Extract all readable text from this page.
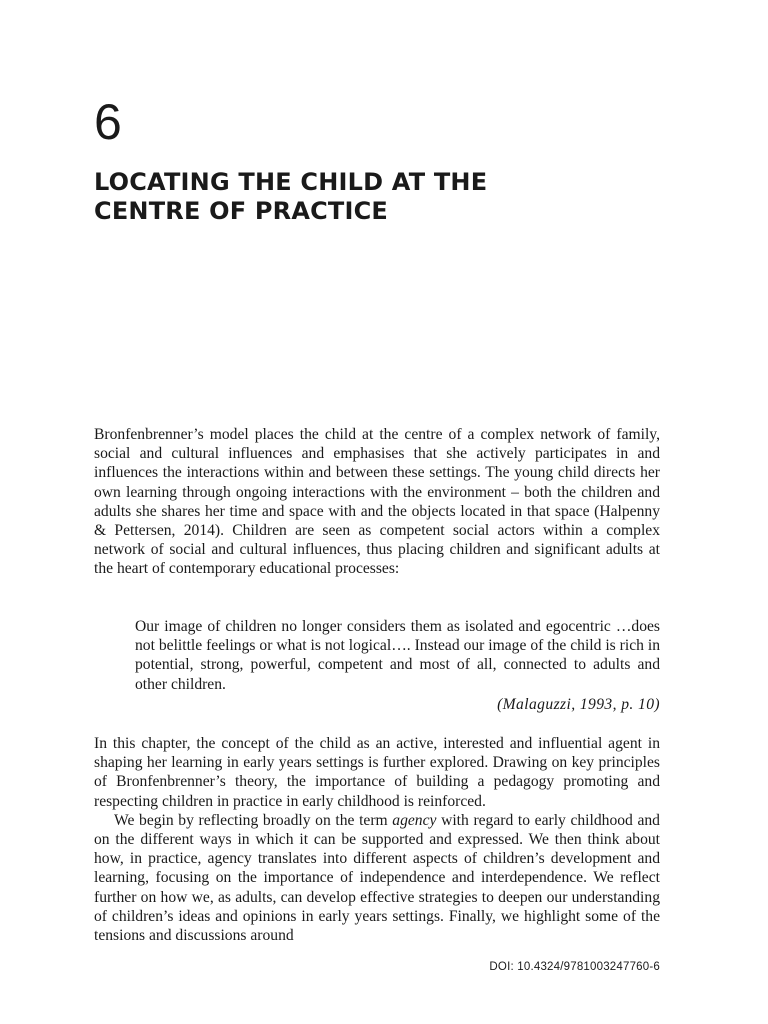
6
LOCATING THE CHILD AT THE
CENTRE OF PRACTICE

Bronfenbrenner’s model places the child at the centre of a complex network of family, social and cultural influences and emphasises that she actively participates in and influences the interactions within and between these settings. The young child directs her own learning through ongoing interactions with the environment – both the children and adults she shares her time and space with and the objects located in that space (Halpenny & Pettersen, 2014). Children are seen as competent social actors within a complex network of social and cultural influences, thus placing children and significant adults at the heart of contemporary educational processes:

Our image of children no longer considers them as isolated and egocentric …does not belittle feelings or what is not logical…. Instead our image of the child is rich in potential, strong, powerful, competent and most of all, connected to adults and other children.

(Malaguzzi, 1993, p. 10)

In this chapter, the concept of the child as an active, interested and influential agent in shaping her learning in early years settings is further explored. Drawing on key principles of Bronfenbrenner’s theory, the importance of building a pedagogy promoting and respecting children in practice in early childhood is reinforced.

We begin by reflecting broadly on the term agency with regard to early childhood and on the different ways in which it can be supported and expressed. We then think about how, in practice, agency translates into different aspects of children’s development and learning, focusing on the importance of independence and interdependence. We reflect further on how we, as adults, can develop effective strategies to deepen our understanding of children’s ideas and opinions in early years settings. Finally, we highlight some of the tensions and discussions around

DOI: 10.4324/9781003247760-6
